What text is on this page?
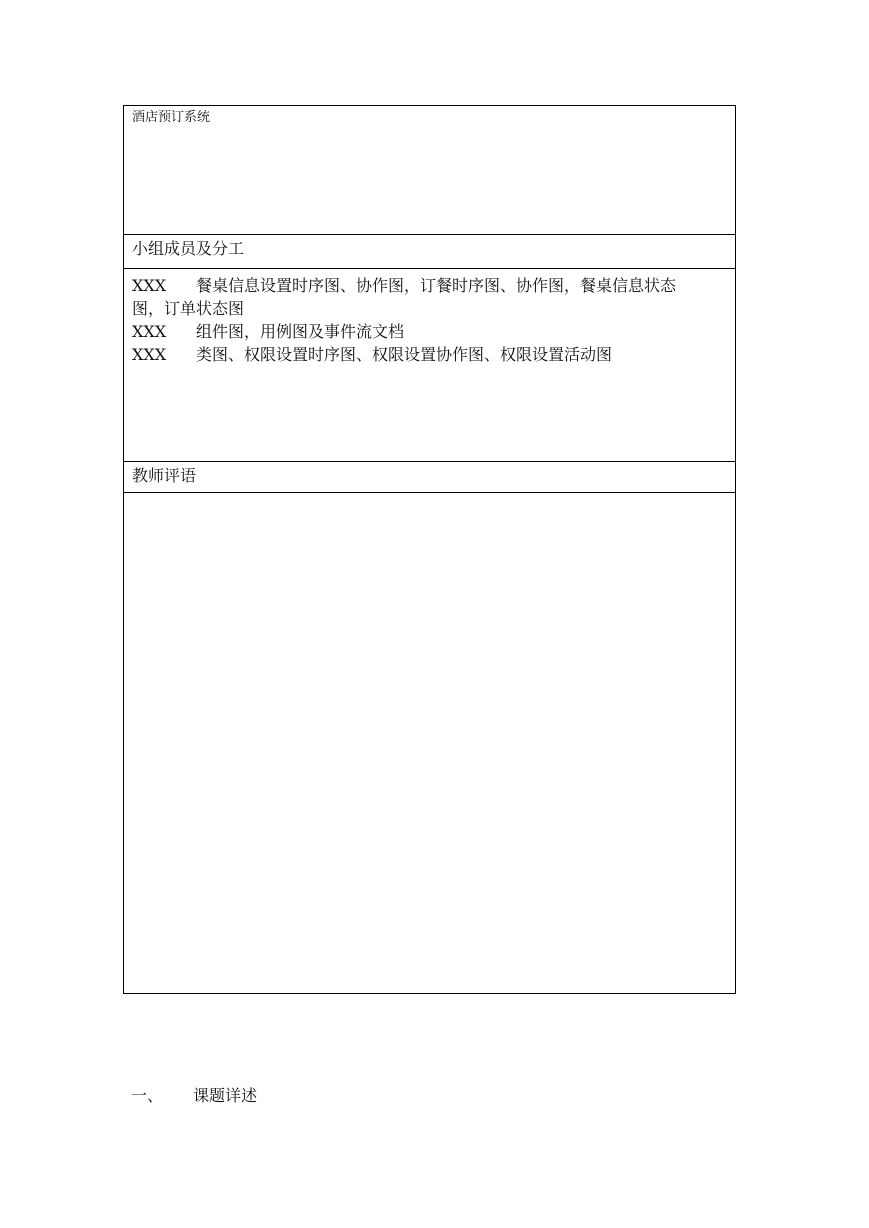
酒店预订系统
小组成员及分工
XXX 餐桌信息设置时序图、协作图，订餐时序图、协作图，餐桌信息状态
图，订单状态图
XXX 组件图，用例图及事件流文档
XXX 类图、权限设置时序图、权限设置协作图、权限设置活动图
教师评语
一、 课题详述
